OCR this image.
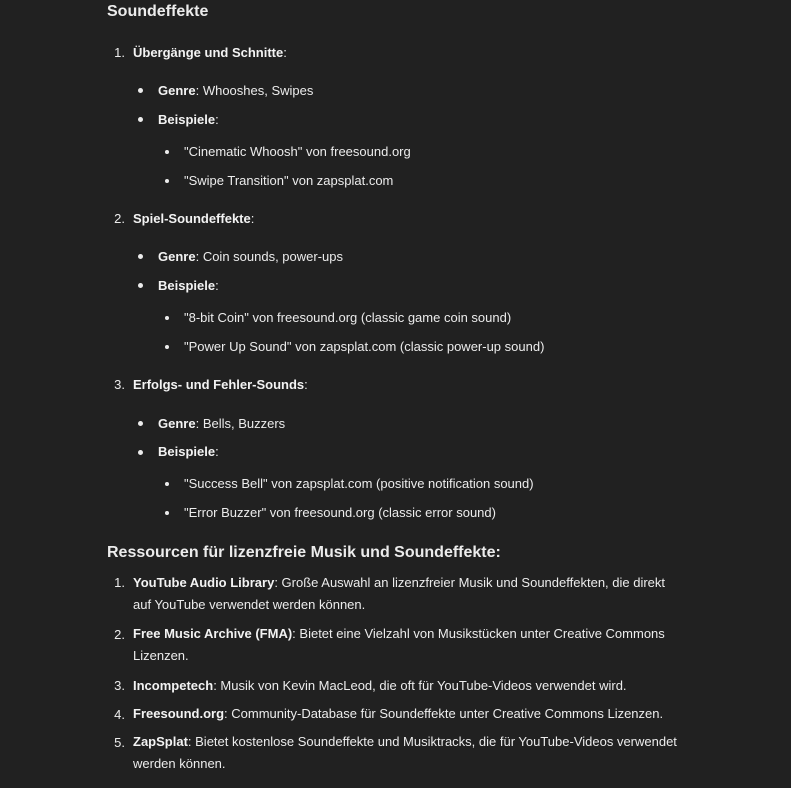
Soundeffekte
1. Übergänge und Schnitte:
Genre: Whooshes, Swipes
Beispiele:
"Cinematic Whoosh" von freesound.org
"Swipe Transition" von zapsplat.com
2. Spiel-Soundeffekte:
Genre: Coin sounds, power-ups
Beispiele:
"8-bit Coin" von freesound.org (classic game coin sound)
"Power Up Sound" von zapsplat.com (classic power-up sound)
3. Erfolgs- und Fehler-Sounds:
Genre: Bells, Buzzers
Beispiele:
"Success Bell" von zapsplat.com (positive notification sound)
"Error Buzzer" von freesound.org (classic error sound)
Ressourcen für lizenzfreie Musik und Soundeffekte:
1. YouTube Audio Library: Große Auswahl an lizenzfreier Musik und Soundeffekten, die direkt auf YouTube verwendet werden können.
2. Free Music Archive (FMA): Bietet eine Vielzahl von Musikstücken unter Creative Commons Lizenzen.
3. Incompetech: Musik von Kevin MacLeod, die oft für YouTube-Videos verwendet wird.
4. Freesound.org: Community-Database für Soundeffekte unter Creative Commons Lizenzen.
5. ZapSplat: Bietet kostenlose Soundeffekte und Musiktracks, die für YouTube-Videos verwendet werden können.
